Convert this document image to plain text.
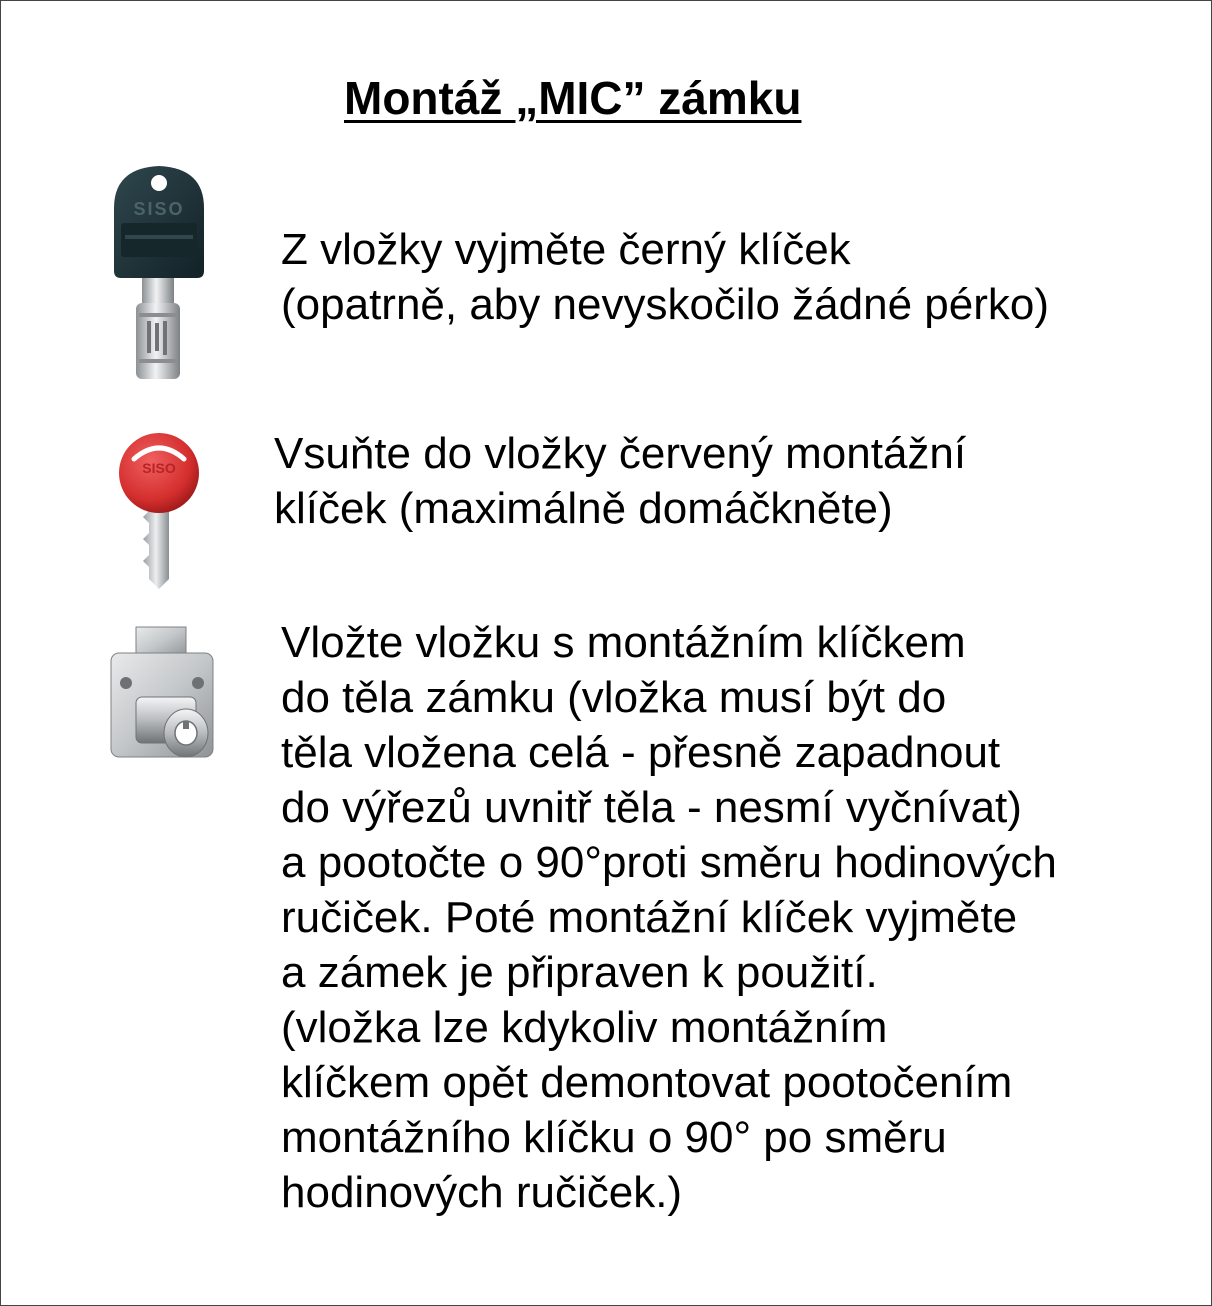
Montáž „MIC” zámku
SISO
Z vložky vyjměte černý klíček
(opatrně, aby nevyskočilo žádné pérko)
SISO Vsuňte do vložky červený montážní
klíček (maximálně domáčkněte)
Vložte vložku s montážním klíčkem
do těla zámku (vložka musí být do
těla vložena celá - přesně zapadnout
do výřezů uvnitř těla - nesmí vyčnívat)
a pootočte o 90°proti směru hodinových
ručiček. Poté montážní klíček vyjměte
a zámek je připraven k použití.
(vložka lze kdykoliv montážním
klíčkem opět demontovat pootočením
montážního klíčku o 90° po směru
hodinových ručiček.)
